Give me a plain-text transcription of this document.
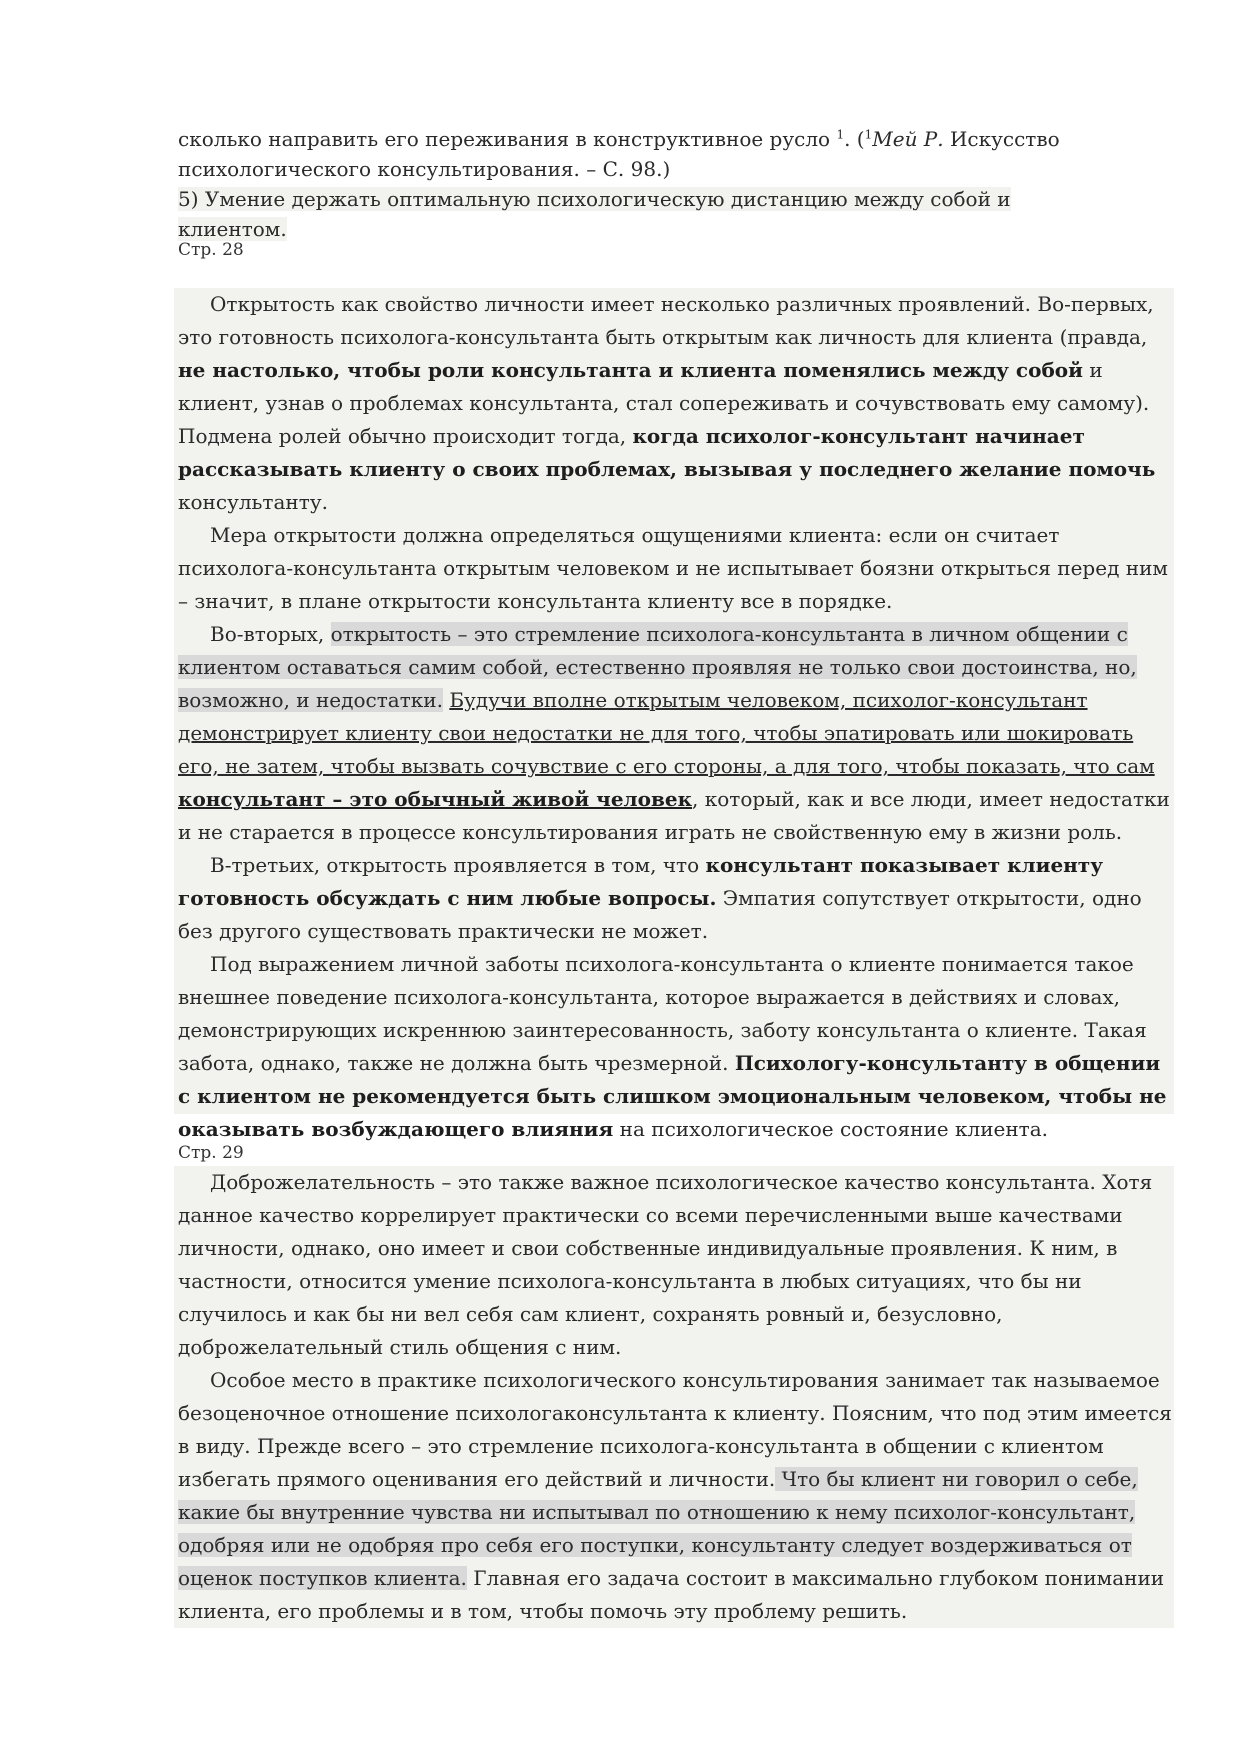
сколько направить его переживания в конструктивное русло $^1$. ($^1$Мей Р. Искусство

психологического консультирования. – С. 98.)

5) Умение держать оптимальную психологическую дистанцию между собой и клиентом.

Стр. 28

Открытость как свойство личности имеет несколько различных проявлений. Во-первых, это готовность психолога-консультанта быть открытым как личность для клиента (правда, не настолько, чтобы роли консультанта и клиента поменялись между собой и клиент, узнав о проблемах консультанта, стал сопереживать и сочувствовать ему самому). Подмена ролей обычно происходит тогда, когда психолог-консультант начинает рассказывать клиенту о своих проблемах, вызывая у последнего желание помочь консультанту.

Мера открытости должна определяться ощущениями клиента: если он считает психолога-консультанта открытым человеком и не испытывает боязни открыться перед ним – значит, в плане открытости консультанта клиенту все в порядке.

Во-вторых, открытость – это стремление психолога-консультанта в личном общении с клиентом оставаться самим собой, естественно проявляя не только свои достоинства, но, возможно, и недостатки. Будучи вполне открытым человеком, психолог-консультант демонстрирует клиенту свои недостатки не для того, чтобы эпатировать или шокировать его, не затем, чтобы вызвать сочувствие с его стороны, а для того, чтобы показать, что сам консультант – это обычный живой человек, который, как и все люди, имеет недостатки и не старается в процессе консультирования играть не свойственную ему в жизни роль.

В-третьих, открытость проявляется в том, что консультант показывает клиенту готовность обсуждать с ним любые вопросы. Эмпатия сопутствует открытости, одно без другого существовать практически не может.

Под выражением личной заботы психолога-консультанта о клиенте понимается такое внешнее поведение психолога-консультанта, которое выражается в действиях и словах, демонстрирующих искреннюю заинтересованность, заботу консультанта о клиенте. Такая забота, однако, также не должна быть чрезмерной. Психологу-консультанту в общении с клиентом не рекомендуется быть слишком эмоциональным человеком, чтобы не оказывать возбуждающего влияния на психологическое состояние клиента.

Стр. 29

Доброжелательность – это также важное психологическое качество консультанта. Хотя данное качество коррелирует практически со всеми перечисленными выше качествами личности, однако, оно имеет и свои собственные индивидуальные проявления. К ним, в частности, относится умение психолога-консультанта в любых ситуациях, что бы ни случилось и как бы ни вел себя сам клиент, сохранять ровный и, безусловно, доброжелательный стиль общения с ним.

Особое место в практике психологического консультирования занимает так называемое безоценочное отношение психологаконсультанта к клиенту. Поясним, что под этим имеется в виду. Прежде всего – это стремление психолога-консультанта в общении с клиентом избегать прямого оценивания его действий и личности. Что бы клиент ни говорил о себе, какие бы внутренние чувства ни испытывал по отношению к нему психолог-консультант, одобряя или не одобряя про себя его поступки, консультанту следует воздерживаться от оценок поступков клиента. Главная его задача состоит в максимально глубоком понимании клиента, его проблемы и в том, чтобы помочь эту проблему решить.
